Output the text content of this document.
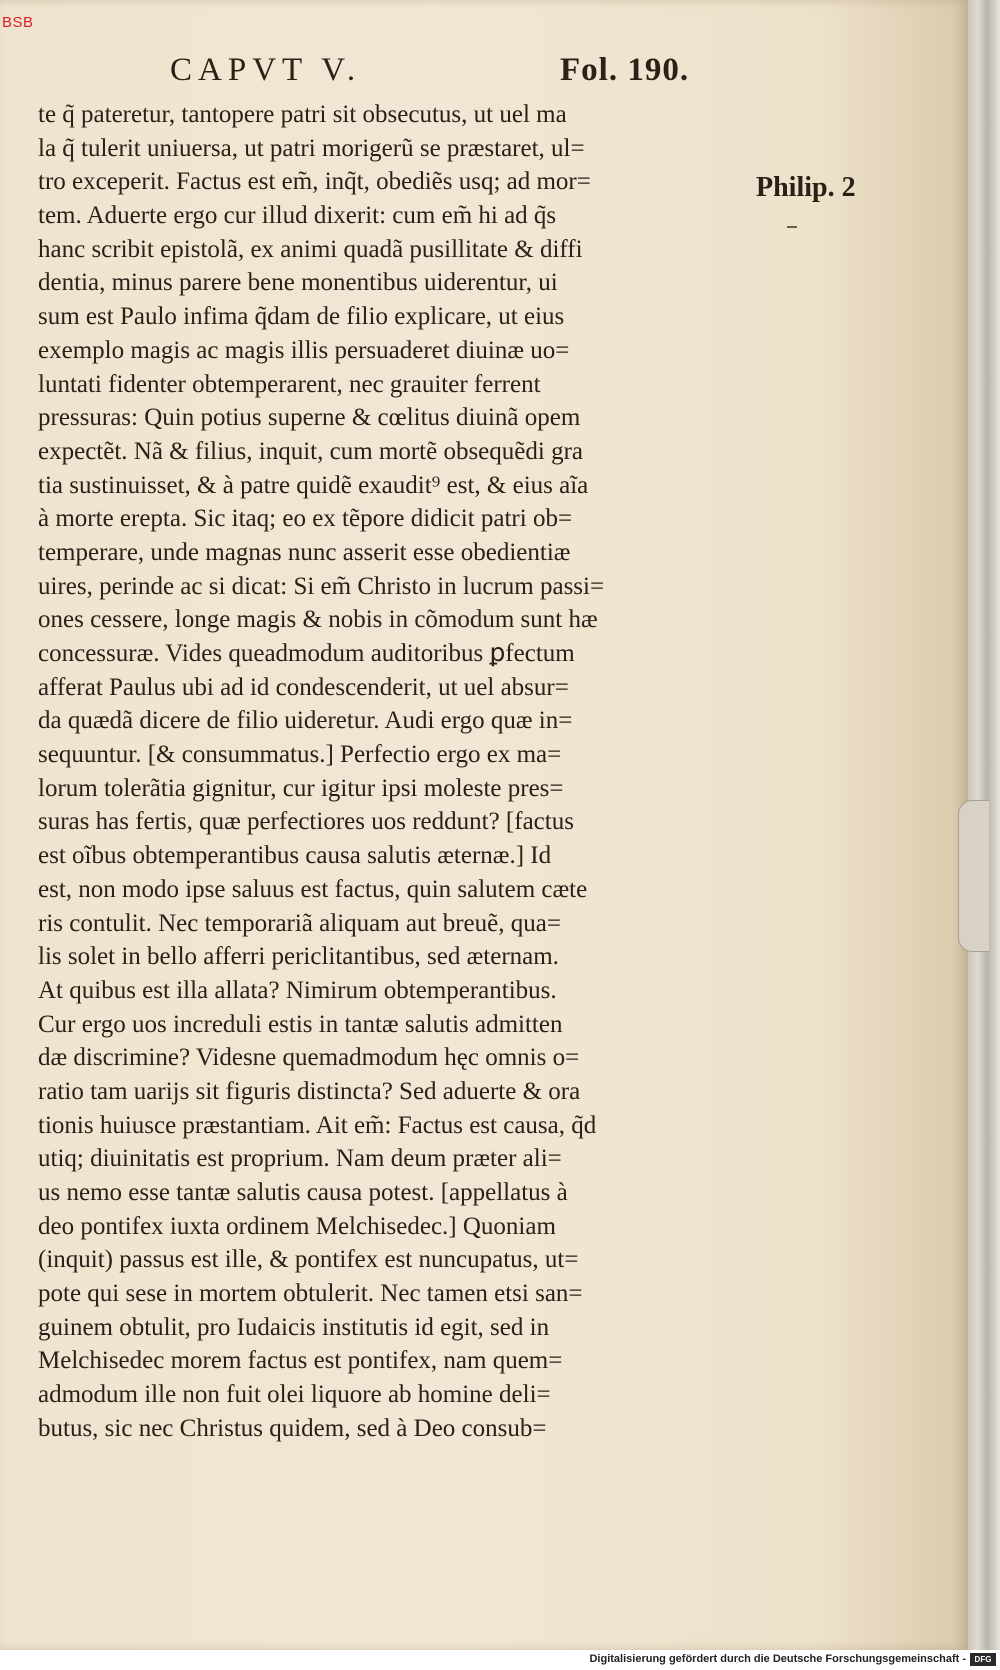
BSB
CAPVT V.	Fol. 190.
Philip. 2
te q̃ pateretur, tantopere patri sit obsecutus, ut uel ma
la q̃ tulerit uniuersa, ut patri morigerũ se præstaret, ul=
tro exceperit. Factus est em̃, inq̃t, obediẽs usq; ad mor=
tem. Aduerte ergo cur illud dixerit: cum em̃ hi ad q̃s
hanc scribit epistolã, ex animi quadã pusillitate & diffi
dentia, minus parere bene monentibus uiderentur, ui
sum est Paulo infima q̃dam de filio explicare, ut eius
exemplo magis ac magis illis persuaderet diuinæ uo=
luntati fidenter obtemperarent, nec grauiter ferrent
pressuras: Quin potius superne & cœlitus diuinã opem
expectẽt. Nã & filius, inquit, cum mortẽ obsequẽdi gra
tia sustinuisset, & à patre quidẽ exaudit⁹ est, & eius aĩa
à morte erepta. Sic itaq; eo ex tẽpore didicit patri ob=
temperare, unde magnas nunc asserit esse obedientiæ
uires, perinde ac si dicat: Si em̃ Christo in lucrum passi=
ones cessere, longe magis & nobis in cõmodum sunt hæ
concessuræ. Vides queadmodum auditoribus ꝑfectum
afferat Paulus ubi ad id condescenderit, ut uel absur=
da quædã dicere de filio uideretur. Audi ergo quæ in=
sequuntur. [& consummatus.] Perfectio ergo ex ma=
lorum tolerãtia gignitur, cur igitur ipsi moleste pres=
suras has fertis, quæ perfectiores uos reddunt? [factus
est oĩbus obtemperantibus causa salutis æternæ.] Id
est, non modo ipse saluus est factus, quin salutem cæte
ris contulit. Nec temporariã aliquam aut breuẽ, qua=
lis solet in bello afferri periclitantibus, sed æternam.
At quibus est illa allata? Nimirum obtemperantibus.
Cur ergo uos increduli estis in tantæ salutis admitten
dæ discrimine? Videsne quemadmodum hęc omnis o=
ratio tam uarijs sit figuris distincta? Sed aduerte & ora
tionis huiusce præstantiam. Ait em̃: Factus est causa, q̃d
utiq; diuinitatis est proprium. Nam deum præter ali=
us nemo esse tantæ salutis causa potest. [appellatus à
deo pontifex iuxta ordinem Melchisedec.] Quoniam
(inquit) passus est ille, & pontifex est nuncupatus, ut=
pote qui sese in mortem obtulerit. Nec tamen etsi san=
guinem obtulit, pro Iudaicis institutis id egit, sed in
Melchisedec morem factus est pontifex, nam quem=
admodum ille non fuit olei liquore ab homine deli=
butus, sic nec Christus quidem, sed à Deo consub=
Digitalisierung gefördert durch die Deutsche Forschungsgemeinschaft -	DFG
